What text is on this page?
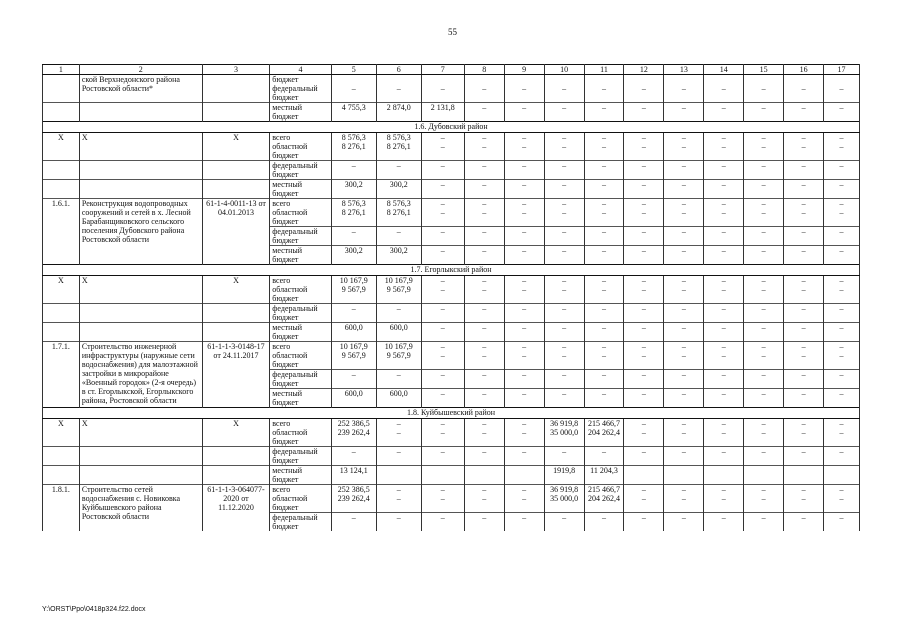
55
1	2	3	4	5	6	7	8	9	10	11	12	13	14	15	16	17
	ской Верхнедонского района		бюджет													
	Ростовской области*		федеральный бюджет	–	–	–	–	–	–	–	–	–	–	–	–	–
			местный бюджет	4 755,3	2 874,0	2 131,8	–	–	–	–	–	–	–	–	–	–
1.6. Дубовский район																
Х	Х	Х	всего	8 576,3	8 576,3	–	–	–	–	–	–	–	–	–	–	–
			областной бюджет	8 276,1	8 276,1	–	–	–	–	–	–	–	–	–	–	–
			федеральный бюджет	–	–	–	–	–	–	–	–	–	–	–	–	–
			местный бюджет	300,2	300,2	–	–	–	–	–	–	–	–	–	–	–
1.6.1.	Реконструкция водопроводных сооружений и сетей в х. Лесной Барабанщиковского сельского поселения Дубовского района Ростовской области	61-1-4-0011-13 от 04.01.2013	всего	8 576,3	8 576,3	–	–	–	–	–	–	–	–	–	–	–
			областной бюджет	8 276,1	8 276,1	–	–	–	–	–	–	–	–	–	–	–
			федеральный бюджет	–	–	–	–	–	–	–	–	–	–	–	–	–
			местный бюджет	300,2	300,2	–	–	–	–	–	–	–	–	–	–	–
1.7. Егорлыкский район																
Х	Х	Х	всего	10 167,9	10 167,9	–	–	–	–	–	–	–	–	–	–	–
			областной бюджет	9 567,9	9 567,9	–	–	–	–	–	–	–	–	–	–	–
			федеральный бюджет	–	–	–	–	–	–	–	–	–	–	–	–	–
			местный бюджет	600,0	600,0	–	–	–	–	–	–	–	–	–	–	–
1.7.1.	Строительство инженерной инфраструктуры (наружные сети водоснабжения) для малоэтажной застройки в микрорайоне «Военный городок» (2-я очередь) в ст. Егорлыкской, Егорлыкского района, Ростовской области	61-1-1-3-0148-17 от 24.11.2017	всего	10 167,9	10 167,9	–	–	–	–	–	–	–	–	–	–	–
			областной бюджет	9 567,9	9 567,9	–	–	–	–	–	–	–	–	–	–	–
			федеральный бюджет	–	–	–	–	–	–	–	–	–	–	–	–	–
			местный бюджет	600,0	600,0	–	–	–	–	–	–	–	–	–	–	–
1.8. Куйбышевский район																
Х	Х	Х	всего	252 386,5	–	–	–	–	36 919,8	215 466,7	–	–	–	–	–	–
			областной бюджет	239 262,4	–	–	–	–	35 000,0	204 262,4	–	–	–	–	–	–
			федеральный бюджет	–	–	–	–	–	–	–	–	–	–	–	–	–
			местный бюджет	13 124,1					1919,8	11 204,3						
1.8.1.	Строительство сетей водоснабжения с. Новиковка Куйбышевского района Ростовской области	61-1-1-3-064077-2020 от 11.12.2020	всего	252 386,5	–	–	–	–	36 919,8	215 466,7	–	–	–	–	–	–
			областной бюджет	239 262,4	–	–	–	–	35 000,0	204 262,4	–	–	–	–	–	–
			федеральный бюджет	–	–	–	–	–	–	–	–	–	–	–	–	–
Y:\ORST\Ppo\0418p324.f22.docx
